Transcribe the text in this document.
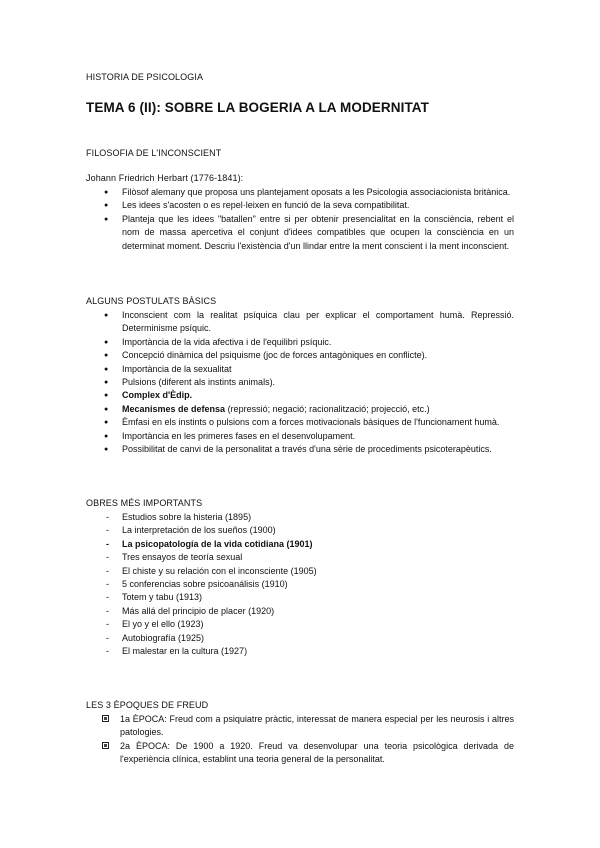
HISTORIA DE PSICOLOGIA
TEMA 6 (II): SOBRE LA BOGERIA A LA MODERNITAT
FILOSOFIA DE L'INCONSCIENT
Johann Friedrich Herbart (1776-1841):
● Filòsof alemany que proposa uns plantejament oposats a les Psicologia associacionista britànica.
● Les idees s'acosten o es repel·leixen en funció de la seva compatibilitat.
● Planteja que les idees "batallen" entre si per obtenir presencialitat en la consciència, rebent el nom de massa apercetiva el conjunt d'idees compatibles que ocupen la consciència en un determinat moment. Descriu l'existència d'un llindar entre la ment conscient i la ment inconscient.
ALGUNS POSTULATS BÀSICS
● Inconscient com la realitat psíquica clau per explicar el comportament humà. Repressió. Determinisme psíquic.
● Importància de la vida afectiva i de l'equilibri psíquic.
● Concepció dinàmica del psiquisme (joc de forces antagòniques en conflicte).
● Importància de la sexualitat
● Pulsions (diferent als instints animals).
● Complex d'Èdip.
● Mecanismes de defensa (repressió; negació; racionalització; projecció, etc.)
● Èmfasi en els instints o pulsions com a forces motivacionals bàsiques de l'funcionament humà.
● Importància en les primeres fases en el desenvolupament.
● Possibilitat de canvi de la personalitat a través d'una sèrie de procediments psicoterapèutics.
OBRES MÉS IMPORTANTS
- Estudios sobre la histeria (1895)
- La interpretación de los sueños (1900)
- La psicopatología de la vida cotidiana (1901)
- Tres ensayos de teoría sexual
- El chiste y su relación con el inconsciente (1905)
- 5 conferencias sobre psicoanálisis (1910)
- Totem y tabu (1913)
- Más allá del principio de placer (1920)
- El yo y el ello (1923)
- Autobiografía (1925)
- El malestar en la cultura (1927)
LES 3 ÈPOQUES DE FREUD
1a ÈPOCA: Freud com a psiquiatre pràctic, interessat de manera especial per les neurosis i altres patologies.
2a ÈPOCA: De 1900 a 1920. Freud va desenvolupar una teoria psicològica derivada de l'experiència clínica, establint una teoria general de la personalitat.
